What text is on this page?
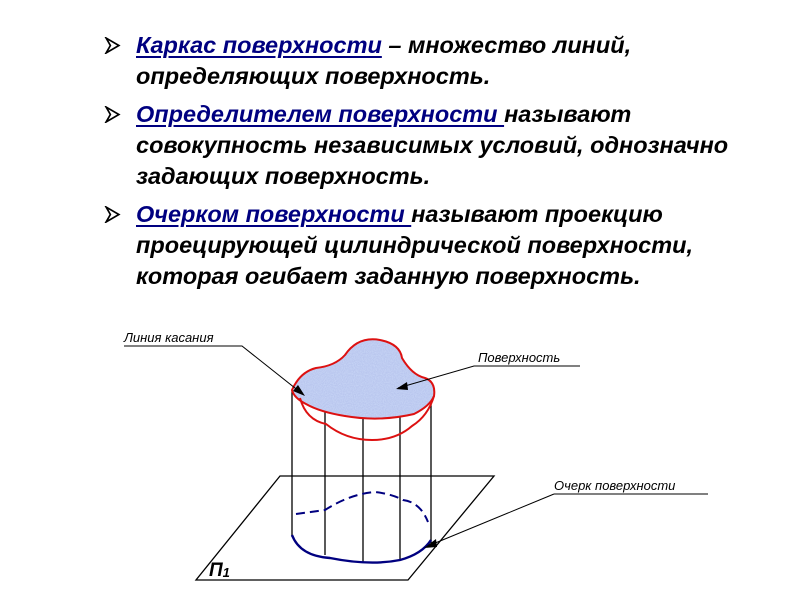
Каркас поверхности – множество линий, определяющих поверхность.
Определителем поверхности называют совокупность независимых условий, однозначно задающих поверхность.
Очерком поверхности называют проекцию проецирующей цилиндрической поверхности, которая огибает заданную поверхность.
Линия касания
Поверхность
Очерк поверхности
П1
